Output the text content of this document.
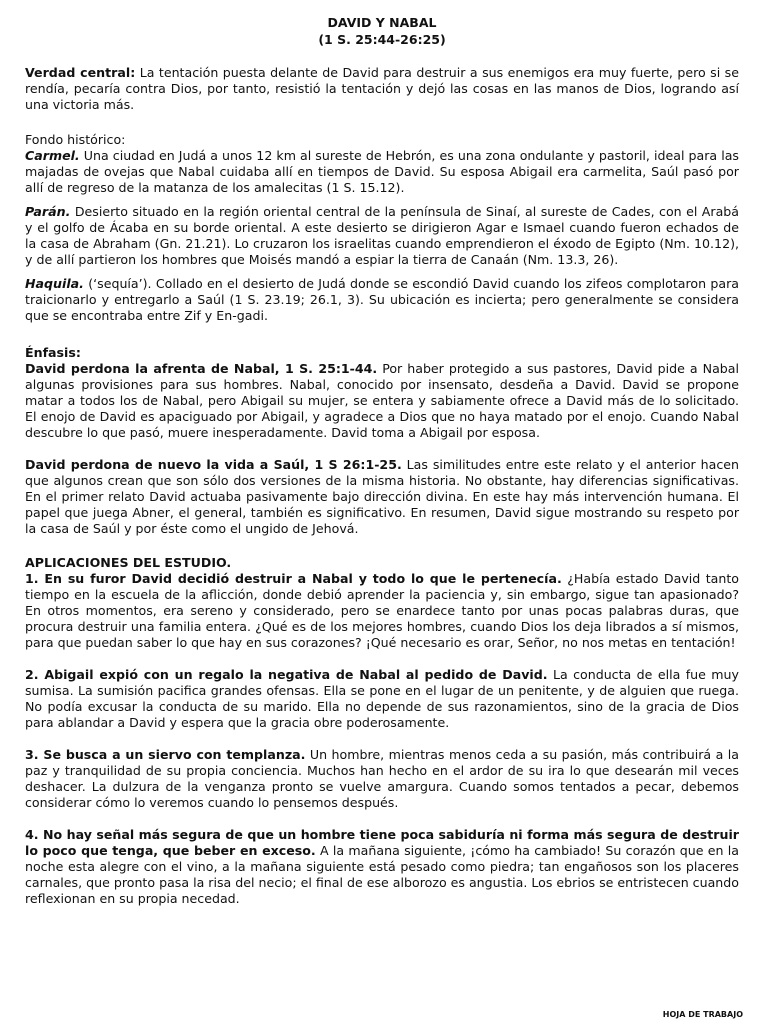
DAVID Y NABAL
(1 S. 25:44-26:25)

Verdad central: La tentación puesta delante de David para destruir a sus enemigos era muy fuerte, pero si se rendía, pecaría contra Dios, por tanto, resistió la tentación y dejó las cosas en las manos de Dios, logrando así una victoria más.

Fondo histórico:

Carmel. Una ciudad en Judá a unos 12 km al sureste de Hebrón, es una zona ondulante y pastoril, ideal para las majadas de ovejas que Nabal cuidaba allí en tiempos de David. Su esposa Abigail era carmelita, Saúl pasó por allí de regreso de la matanza de los amalecitas (1 S. 15.12).

Parán. Desierto situado en la región oriental central de la península de Sinaí, al sureste de Cades, con el Arabá y el golfo de Ácaba en su borde oriental. A este desierto se dirigieron Agar e Ismael cuando fueron echados de la casa de Abraham (Gn. 21.21). Lo cruzaron los israelitas cuando emprendieron el éxodo de Egipto (Nm. 10.12), y de allí partieron los hombres que Moisés mandó a espiar la tierra de Canaán (Nm. 13.3, 26).

Haquila. (‘sequía’). Collado en el desierto de Judá donde se escondió David cuando los zifeos complotaron para traicionarlo y entregarlo a Saúl (1 S. 23.19; 26.1, 3). Su ubicación es incierta; pero generalmente se considera que se encontraba entre Zif y En-gadi.

Énfasis:

David perdona la afrenta de Nabal, 1 S. 25:1-44. Por haber protegido a sus pastores, David pide a Nabal algunas provisiones para sus hombres. Nabal, conocido por insensato, desdeña a David. David se propone matar a todos los de Nabal, pero Abigail su mujer, se entera y sabiamente ofrece a David más de lo solicitado. El enojo de David es apaciguado por Abigail, y agradece a Dios que no haya matado por el enojo. Cuando Nabal descubre lo que pasó, muere inesperadamente. David toma a Abigail por esposa.

David perdona de nuevo la vida a Saúl, 1 S 26:1-25. Las similitudes entre este relato y el anterior hacen que algunos crean que son sólo dos versiones de la misma historia. No obstante, hay diferencias significativas. En el primer relato David actuaba pasivamente bajo dirección divina. En este hay más intervención humana. El papel que juega Abner, el general, también es significativo. En resumen, David sigue mostrando su respeto por la casa de Saúl y por éste como el ungido de Jehová.

APLICACIONES DEL ESTUDIO.

1. En su furor David decidió destruir a Nabal y todo lo que le pertenecía. ¿Había estado David tanto tiempo en la escuela de la aflicción, donde debió aprender la paciencia y, sin embargo, sigue tan apasionado? En otros momentos, era sereno y considerado, pero se enardece tanto por unas pocas palabras duras, que procura destruir una familia entera. ¿Qué es de los mejores hombres, cuando Dios los deja librados a sí mismos, para que puedan saber lo que hay en sus corazones? ¡Qué necesario es orar, Señor, no nos metas en tentación!

2. Abigail expió con un regalo la negativa de Nabal al pedido de David. La conducta de ella fue muy sumisa. La sumisión pacifica grandes ofensas. Ella se pone en el lugar de un penitente, y de alguien que ruega. No podía excusar la conducta de su marido. Ella no depende de sus razonamientos, sino de la gracia de Dios para ablandar a David y espera que la gracia obre poderosamente.

3. Se busca a un siervo con templanza. Un hombre, mientras menos ceda a su pasión, más contribuirá a la paz y tranquilidad de su propia conciencia. Muchos han hecho en el ardor de su ira lo que desearán mil veces deshacer. La dulzura de la venganza pronto se vuelve amargura. Cuando somos tentados a pecar, debemos considerar cómo lo veremos cuando lo pensemos después.

4. No hay señal más segura de que un hombre tiene poca sabiduría ni forma más segura de destruir lo poco que tenga, que beber en exceso. A la mañana siguiente, ¡cómo ha cambiado! Su corazón que en la noche esta alegre con el vino, a la mañana siguiente está pesado como piedra; tan engañosos son los placeres carnales, que pronto pasa la risa del necio; el final de ese alborozo es angustia. Los ebrios se entristecen cuando reflexionan en su propia necedad.

HOJA DE TRABAJO
